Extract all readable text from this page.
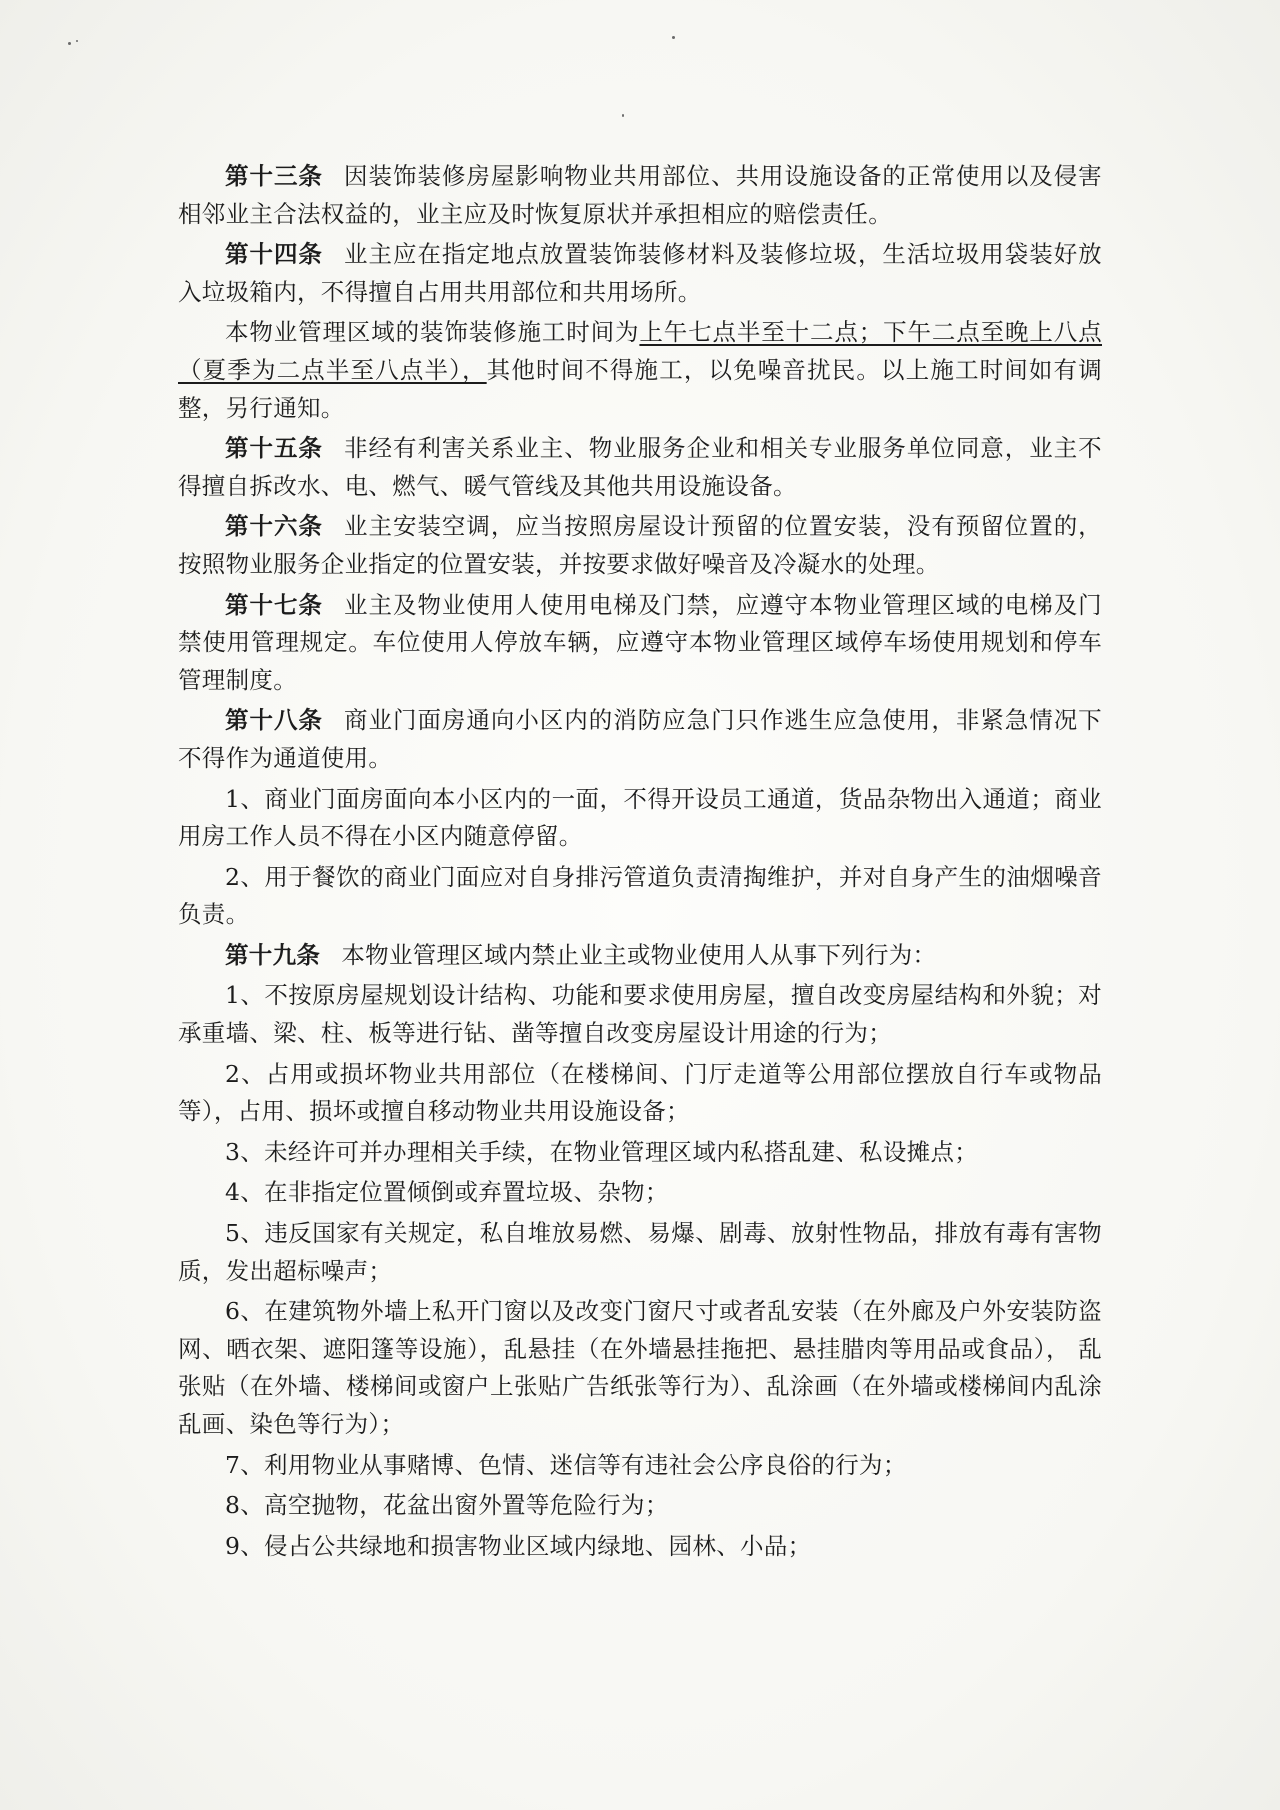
第十三条 因装饰装修房屋影响物业共用部位、共用设施设备的正常使用以及侵害相邻业主合法权益的，业主应及时恢复原状并承担相应的赔偿责任。

第十四条 业主应在指定地点放置装饰装修材料及装修垃圾，生活垃圾用袋装好放入垃圾箱内，不得擅自占用共用部位和共用场所。

本物业管理区域的装饰装修施工时间为上午七点半至十二点；下午二点至晚上八点（夏季为二点半至八点半），其他时间不得施工，以免噪音扰民。以上施工时间如有调整，另行通知。

第十五条 非经有利害关系业主、物业服务企业和相关专业服务单位同意，业主不得擅自拆改水、电、燃气、暖气管线及其他共用设施设备。

第十六条 业主安装空调，应当按照房屋设计预留的位置安装，没有预留位置的，按照物业服务企业指定的位置安装，并按要求做好噪音及冷凝水的处理。

第十七条 业主及物业使用人使用电梯及门禁，应遵守本物业管理区域的电梯及门禁使用管理规定。车位使用人停放车辆，应遵守本物业管理区域停车场使用规划和停车管理制度。

第十八条 商业门面房通向小区内的消防应急门只作逃生应急使用，非紧急情况下不得作为通道使用。

1、商业门面房面向本小区内的一面，不得开设员工通道，货品杂物出入通道；商业用房工作人员不得在小区内随意停留。

2、用于餐饮的商业门面应对自身排污管道负责清掏维护，并对自身产生的油烟噪音负责。

第十九条 本物业管理区域内禁止业主或物业使用人从事下列行为：

1、不按原房屋规划设计结构、功能和要求使用房屋，擅自改变房屋结构和外貌；对承重墙、梁、柱、板等进行钻、凿等擅自改变房屋设计用途的行为；

2、占用或损坏物业共用部位（在楼梯间、门厅走道等公用部位摆放自行车或物品等），占用、损坏或擅自移动物业共用设施设备；

3、未经许可并办理相关手续，在物业管理区域内私搭乱建、私设摊点；

4、在非指定位置倾倒或弃置垃圾、杂物；

5、违反国家有关规定，私自堆放易燃、易爆、剧毒、放射性物品，排放有毒有害物质，发出超标噪声；

6、在建筑物外墙上私开门窗以及改变门窗尺寸或者乱安装（在外廊及户外安装防盗网、晒衣架、遮阳篷等设施），乱悬挂（在外墙悬挂拖把、悬挂腊肉等用品或食品）， 乱张贴（在外墙、楼梯间或窗户上张贴广告纸张等行为）、乱涂画（在外墙或楼梯间内乱涂乱画、染色等行为）；

7、利用物业从事赌博、色情、迷信等有违社会公序良俗的行为；

8、高空抛物，花盆出窗外置等危险行为；

9、侵占公共绿地和损害物业区域内绿地、园林、小品；
